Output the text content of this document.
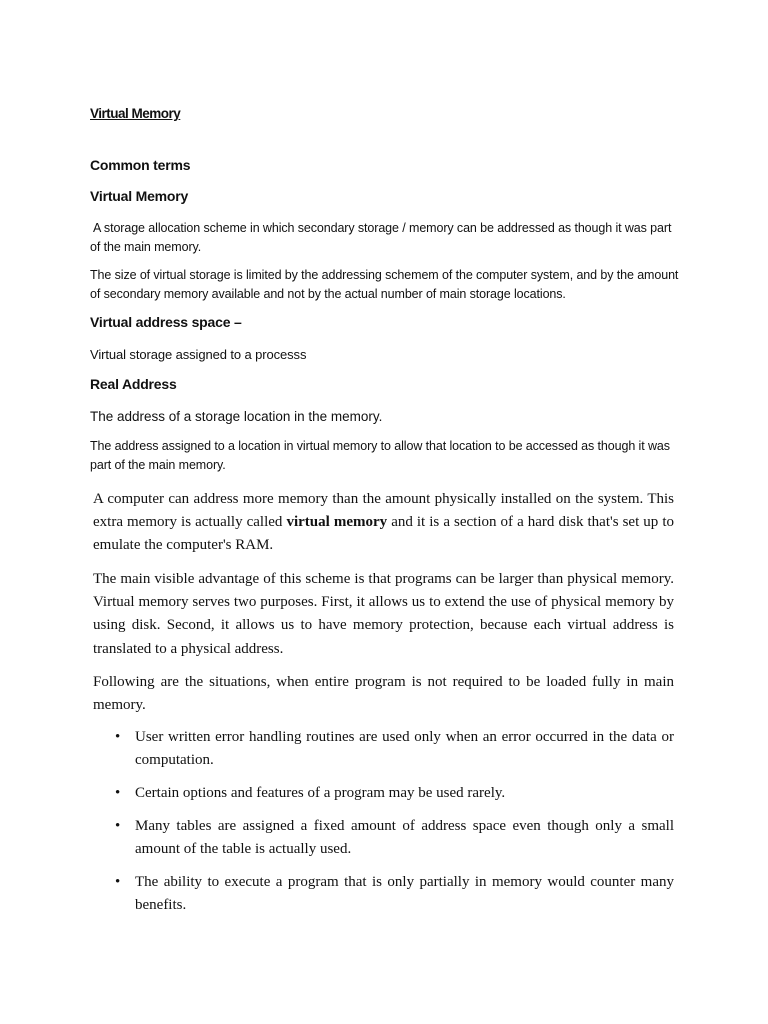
Virtual Memory
Common terms
Virtual Memory
A storage allocation scheme in which secondary storage / memory can be addressed as though it was part of the main memory.
The size of virtual storage is limited by the addressing schemem of the computer system, and by the amount of secondary memory available and not by the actual number of main storage locations.
Virtual address space –
Virtual storage assigned to a processs
Real Address
The address of a storage location in the memory.
The address assigned to a location in virtual memory to allow that location to be accessed as though it was part of the main memory.
A computer can address more memory than the amount physically installed on the system. This extra memory is actually called virtual memory and it is a section of a hard disk that's set up to emulate the computer's RAM.
The main visible advantage of this scheme is that programs can be larger than physical memory. Virtual memory serves two purposes. First, it allows us to extend the use of physical memory by using disk. Second, it allows us to have memory protection, because each virtual address is translated to a physical address.
Following are the situations, when entire program is not required to be loaded fully in main memory.
• User written error handling routines are used only when an error occurred in the data or computation.
• Certain options and features of a program may be used rarely.
• Many tables are assigned a fixed amount of address space even though only a small amount of the table is actually used.
• The ability to execute a program that is only partially in memory would counter many benefits.
